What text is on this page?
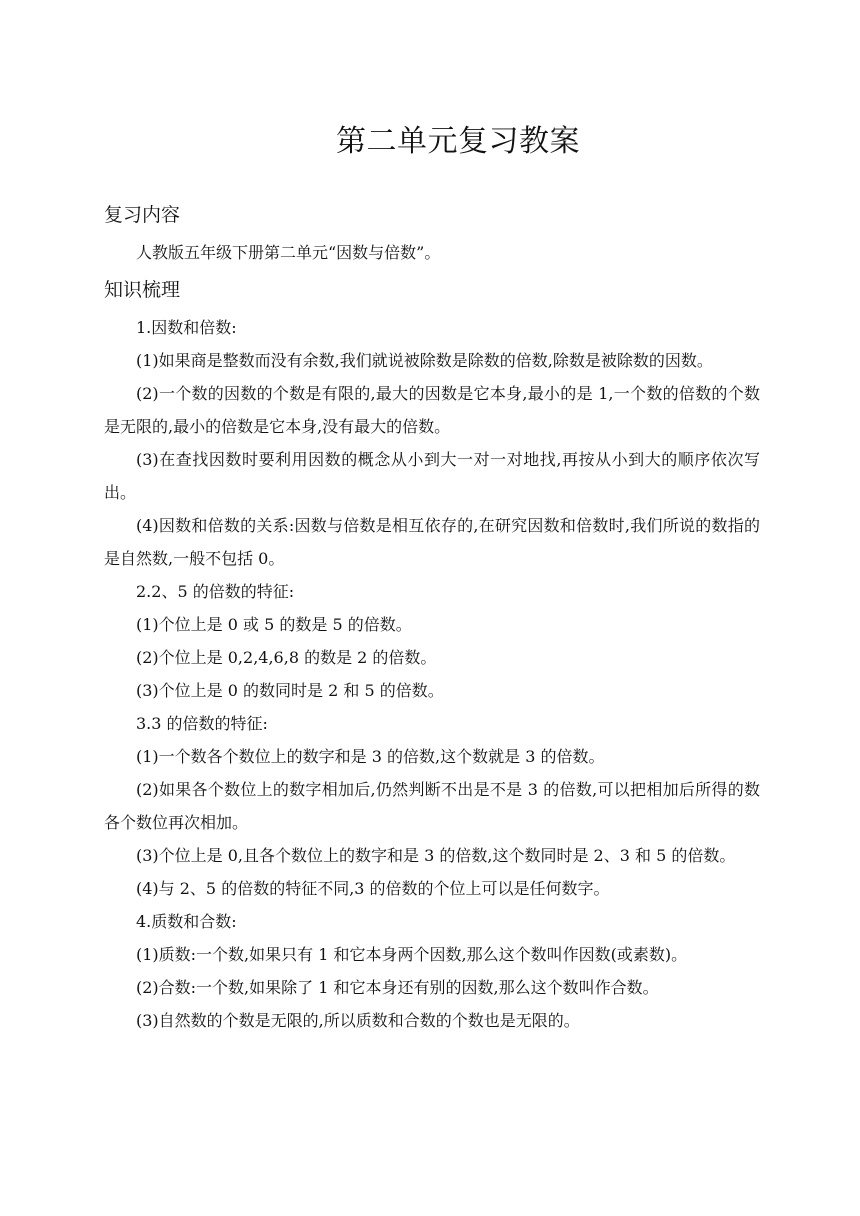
第二单元复习教案
复习内容

人教版五年级下册第二单元“因数与倍数”。

知识梳理

1.因数和倍数:

(1)如果商是整数而没有余数,我们就说被除数是除数的倍数,除数是被除数的因数。

(2)一个数的因数的个数是有限的,最大的因数是它本身,最小的是 1,一个数的倍数的个数是无限的,最小的倍数是它本身,没有最大的倍数。

(3)在查找因数时要利用因数的概念从小到大一对一对地找,再按从小到大的顺序依次写出。

(4)因数和倍数的关系:因数与倍数是相互依存的,在研究因数和倍数时,我们所说的数指的是自然数,一般不包括 0。

2.2、5 的倍数的特征:

(1)个位上是 0 或 5 的数是 5 的倍数。

(2)个位上是 0,2,4,6,8 的数是 2 的倍数。

(3)个位上是 0 的数同时是 2 和 5 的倍数。

3.3 的倍数的特征:

(1)一个数各个数位上的数字和是 3 的倍数,这个数就是 3 的倍数。

(2)如果各个数位上的数字相加后,仍然判断不出是不是 3 的倍数,可以把相加后所得的数各个数位再次相加。

(3)个位上是 0,且各个数位上的数字和是 3 的倍数,这个数同时是 2、3 和 5 的倍数。

(4)与 2、5 的倍数的特征不同,3 的倍数的个位上可以是任何数字。

4.质数和合数:

(1)质数:一个数,如果只有 1 和它本身两个因数,那么这个数叫作因数(或素数)。

(2)合数:一个数,如果除了 1 和它本身还有别的因数,那么这个数叫作合数。

(3)自然数的个数是无限的,所以质数和合数的个数也是无限的。
